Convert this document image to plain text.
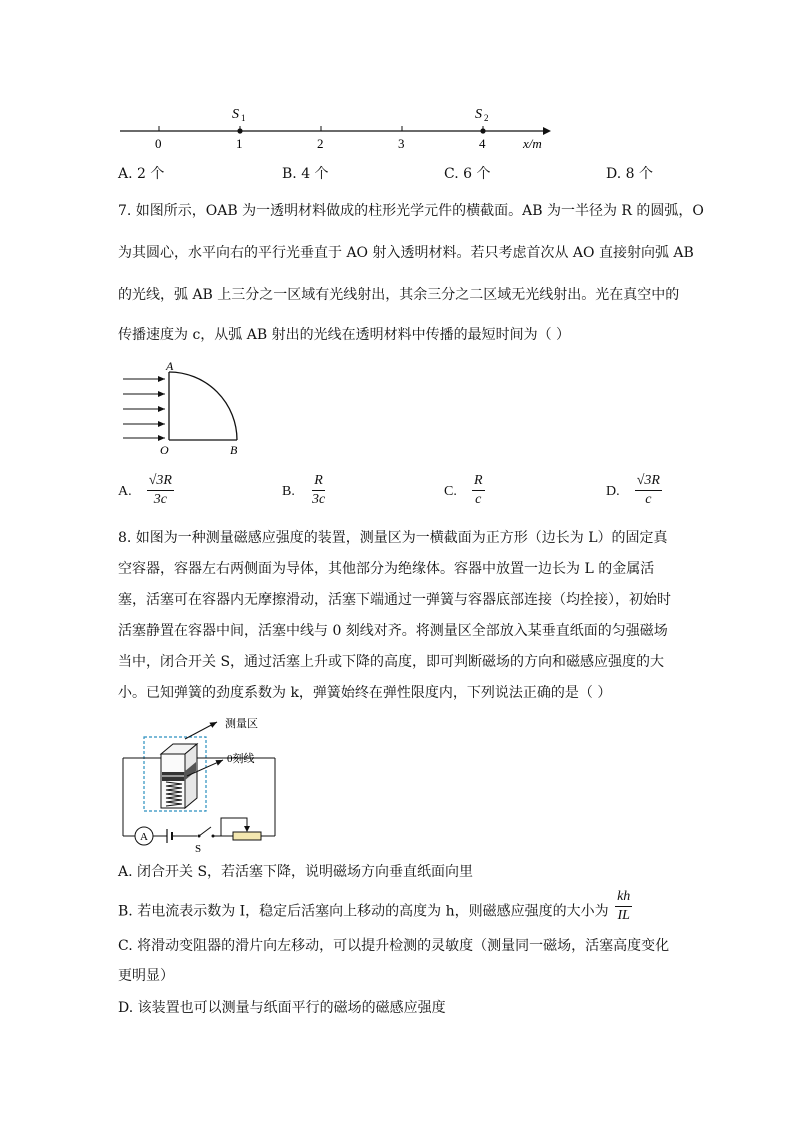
0	1	2	3	4
S 1	S 2
x/m
A. 2 个	B. 4 个	C. 6 个	D. 8 个
7. 如图所示，OAB 为一透明材料做成的柱形光学元件的横截面。AB 为一半径为 R 的圆弧，O
为其圆心，水平向右的平行光垂直于 AO 射入透明材料。若只考虑首次从 AO 直接射向弧 AB
的光线，弧 AB 上三分之一区域有光线射出，其余三分之二区域无光线射出。光在真空中的
传播速度为 c，从弧 AB 射出的光线在透明材料中传播的最短时间为（ ）
A
O	B
A. $\frac{√3R}{3c}$	B. $\frac{R}{3c}$	C. $\frac{R}{c}$	D. $\frac{√3R}{c}$
8. 如图为一种测量磁感应强度的装置，测量区为一横截面为正方形（边长为 L）的固定真
空容器，容器左右两侧面为导体，其他部分为绝缘体。容器中放置一边长为 L 的金属活
塞，活塞可在容器内无摩擦滑动，活塞下端通过一弹簧与容器底部连接（均拴接），初始时
活塞静置在容器中间，活塞中线与 0 刻线对齐。将测量区全部放入某垂直纸面的匀强磁场
当中，闭合开关 S，通过活塞上升或下降的高度，即可判断磁场的方向和磁感应强度的大
小。已知弹簧的劲度系数为 k，弹簧始终在弹性限度内，下列说法正确的是（ ）
A
S
测量区
0刻线
A. 闭合开关 S，若活塞下降，说明磁场方向垂直纸面向里
B. 若电流表示数为 I，稳定后活塞向上移动的高度为 h，则磁感应强度的大小为 $\frac{kh}{IL}$
C. 将滑动变阻器的滑片向左移动，可以提升检测的灵敏度（测量同一磁场，活塞高度变化
更明显）
D. 该装置也可以测量与纸面平行的磁场的磁感应强度
